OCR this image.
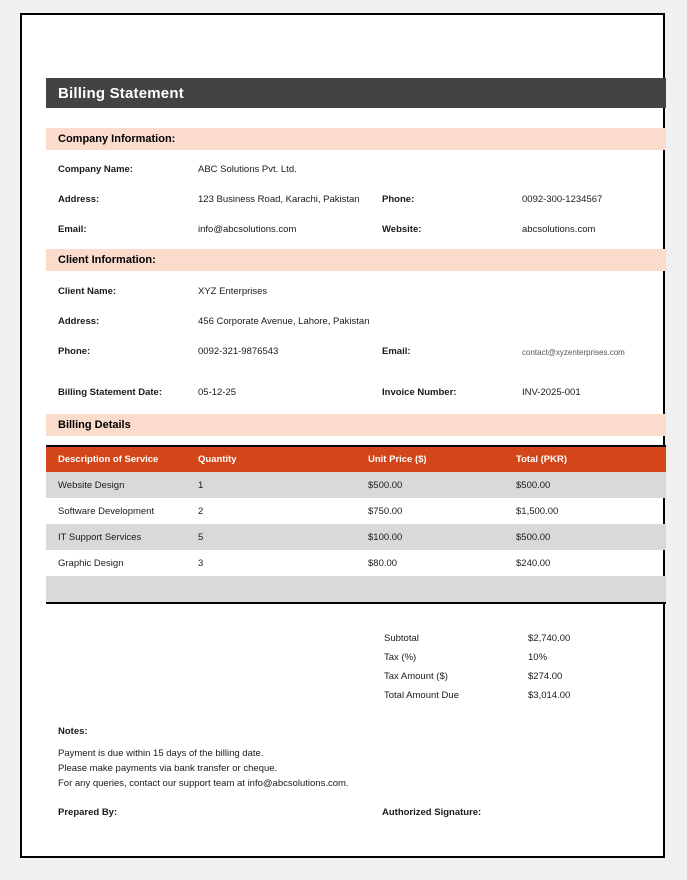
Billing Statement
Company Information:
Company Name:	ABC Solutions Pvt. Ltd.
Address:	123 Business Road, Karachi, Pakistan Phone:	0092-300-1234567
Email:	info@abcsolutions.com	Website:	abcsolutions.com
Client Information:
Client Name:	XYZ Enterprises
Address:	456 Corporate Avenue, Lahore, Pakistan
Phone:	0092-321-9876543	Email:	contact@xyzenterprises.com
Billing Statement Date:	05-12-25	Invoice Number:	INV-2025-001
Billing Details
Description of Service	Quantity	Unit Price ($)	Total (PKR)
Website Design	1	$500.00	$500.00
Software Development	2	$750.00	$1,500.00
IT Support Services	5	$100.00	$500.00
Graphic Design	3	$80.00	$240.00
Subtotal	$2,740.00
Tax (%)	10%
Tax Amount ($)	$274.00
Total Amount Due	$3,014.00
Notes:
Payment is due within 15 days of the billing date.
Please make payments via bank transfer or cheque.
For any queries, contact our support team at info@abcsolutions.com.
Prepared By:	Authorized Signature:
